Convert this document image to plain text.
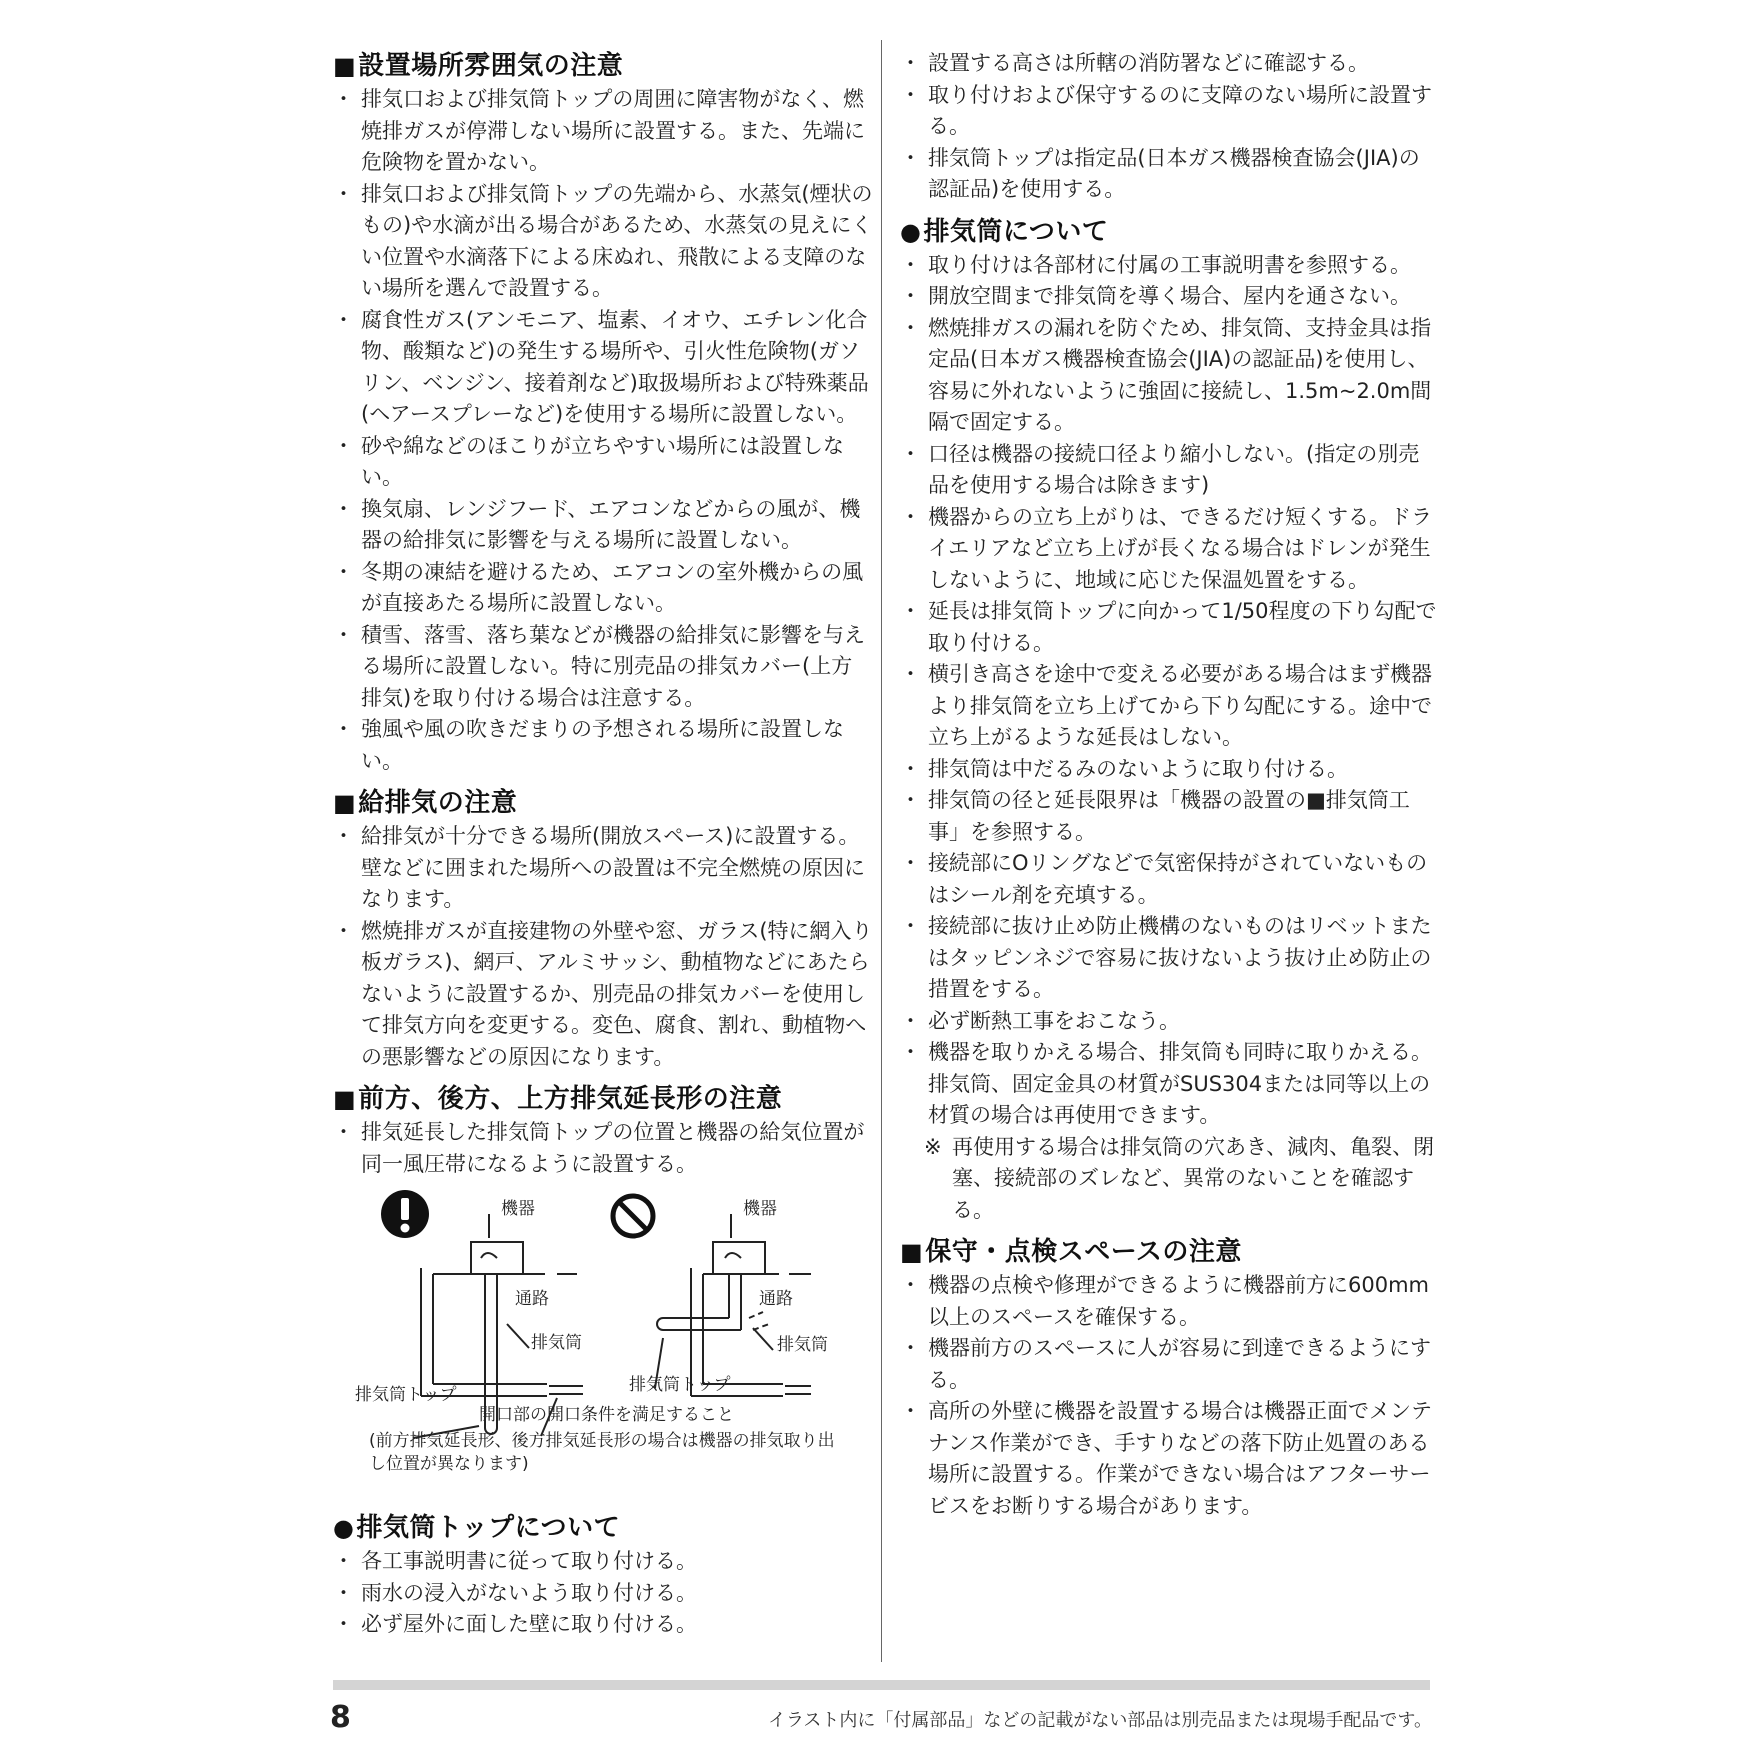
■設置場所雰囲気の注意
・ 排気口および排気筒トップの周囲に障害物がなく、燃焼排ガスが停滞しない場所に設置する。また、先端に危険物を置かない。
・ 排気口および排気筒トップの先端から、水蒸気(煙状のもの)や水滴が出る場合があるため、水蒸気の見えにくい位置や水滴落下による床ぬれ、飛散による支障のない場所を選んで設置する。
・ 腐食性ガス(アンモニア、塩素、イオウ、エチレン化合物、酸類など)の発生する場所や、引火性危険物(ガソリン、ベンジン、接着剤など)取扱場所および特殊薬品(ヘアースプレーなど)を使用する場所に設置しない。
・ 砂や綿などのほこりが立ちやすい場所には設置しない。
・ 換気扇、レンジフード、エアコンなどからの風が、機器の給排気に影響を与える場所に設置しない。
・ 冬期の凍結を避けるため、エアコンの室外機からの風が直接あたる場所に設置しない。
・ 積雪、落雪、落ち葉などが機器の給排気に影響を与える場所に設置しない。特に別売品の排気カバー(上方排気)を取り付ける場合は注意する。
・ 強風や風の吹きだまりの予想される場所に設置しない。
■給排気の注意
・ 給排気が十分できる場所(開放スペース)に設置する。壁などに囲まれた場所への設置は不完全燃焼の原因になります。
・ 燃焼排ガスが直接建物の外壁や窓、ガラス(特に網入り板ガラス)、網戸、アルミサッシ、動植物などにあたらないように設置するか、別売品の排気カバーを使用して排気方向を変更する。変色、腐食、割れ、動植物への悪影響などの原因になります。
■前方、後方、上方排気延長形の注意
・ 排気延長した排気筒トップの位置と機器の給気位置が同一風圧帯になるように設置する。
機器
通路
排気筒
排気筒トップ
機器
通路
排気筒
排気筒トップ
開口部の開口条件を満足すること
(前方排気延長形、後方排気延長形の場合は機器の排気取り出し位置が異なります)
●排気筒トップについて
・ 各工事説明書に従って取り付ける。
・ 雨水の浸入がないよう取り付ける。
・ 必ず屋外に面した壁に取り付ける。
・ 設置する高さは所轄の消防署などに確認する。
・ 取り付けおよび保守するのに支障のない場所に設置する。
・ 排気筒トップは指定品(日本ガス機器検査協会(JIA)の認証品)を使用する。
●排気筒について
・ 取り付けは各部材に付属の工事説明書を参照する。
・ 開放空間まで排気筒を導く場合、屋内を通さない。
・ 燃焼排ガスの漏れを防ぐため、排気筒、支持金具は指定品(日本ガス機器検査協会(JIA)の認証品)を使用し、容易に外れないように強固に接続し、1.5m~2.0m間隔で固定する。
・ 口径は機器の接続口径より縮小しない。(指定の別売品を使用する場合は除きます)
・ 機器からの立ち上がりは、できるだけ短くする。ドライエリアなど立ち上げが長くなる場合はドレンが発生しないように、地域に応じた保温処置をする。
・ 延長は排気筒トップに向かって1/50程度の下り勾配で取り付ける。
・ 横引き高さを途中で変える必要がある場合はまず機器より排気筒を立ち上げてから下り勾配にする。途中で立ち上がるような延長はしない。
・ 排気筒は中だるみのないように取り付ける。
・ 排気筒の径と延長限界は「機器の設置の■排気筒工事」を参照する。
・ 接続部にOリングなどで気密保持がされていないものはシール剤を充填する。
・ 接続部に抜け止め防止機構のないものはリベットまたはタッピンネジで容易に抜けないよう抜け止め防止の措置をする。
・ 必ず断熱工事をおこなう。
・ 機器を取りかえる場合、排気筒も同時に取りかえる。排気筒、固定金具の材質がSUS304または同等以上の材質の場合は再使用できます。
※ 再使用する場合は排気筒の穴あき、減肉、亀裂、閉塞、接続部のズレなど、異常のないことを確認する。
■保守・点検スペースの注意
・ 機器の点検や修理ができるように機器前方に600mm以上のスペースを確保する。
・ 機器前方のスペースに人が容易に到達できるようにする。
・ 高所の外壁に機器を設置する場合は機器正面でメンテナンス作業ができ、手すりなどの落下防止処置のある場所に設置する。作業ができない場合はアフターサービスをお断りする場合があります。
8	イラスト内に「付属部品」などの記載がない部品は別売品または現場手配品です。
